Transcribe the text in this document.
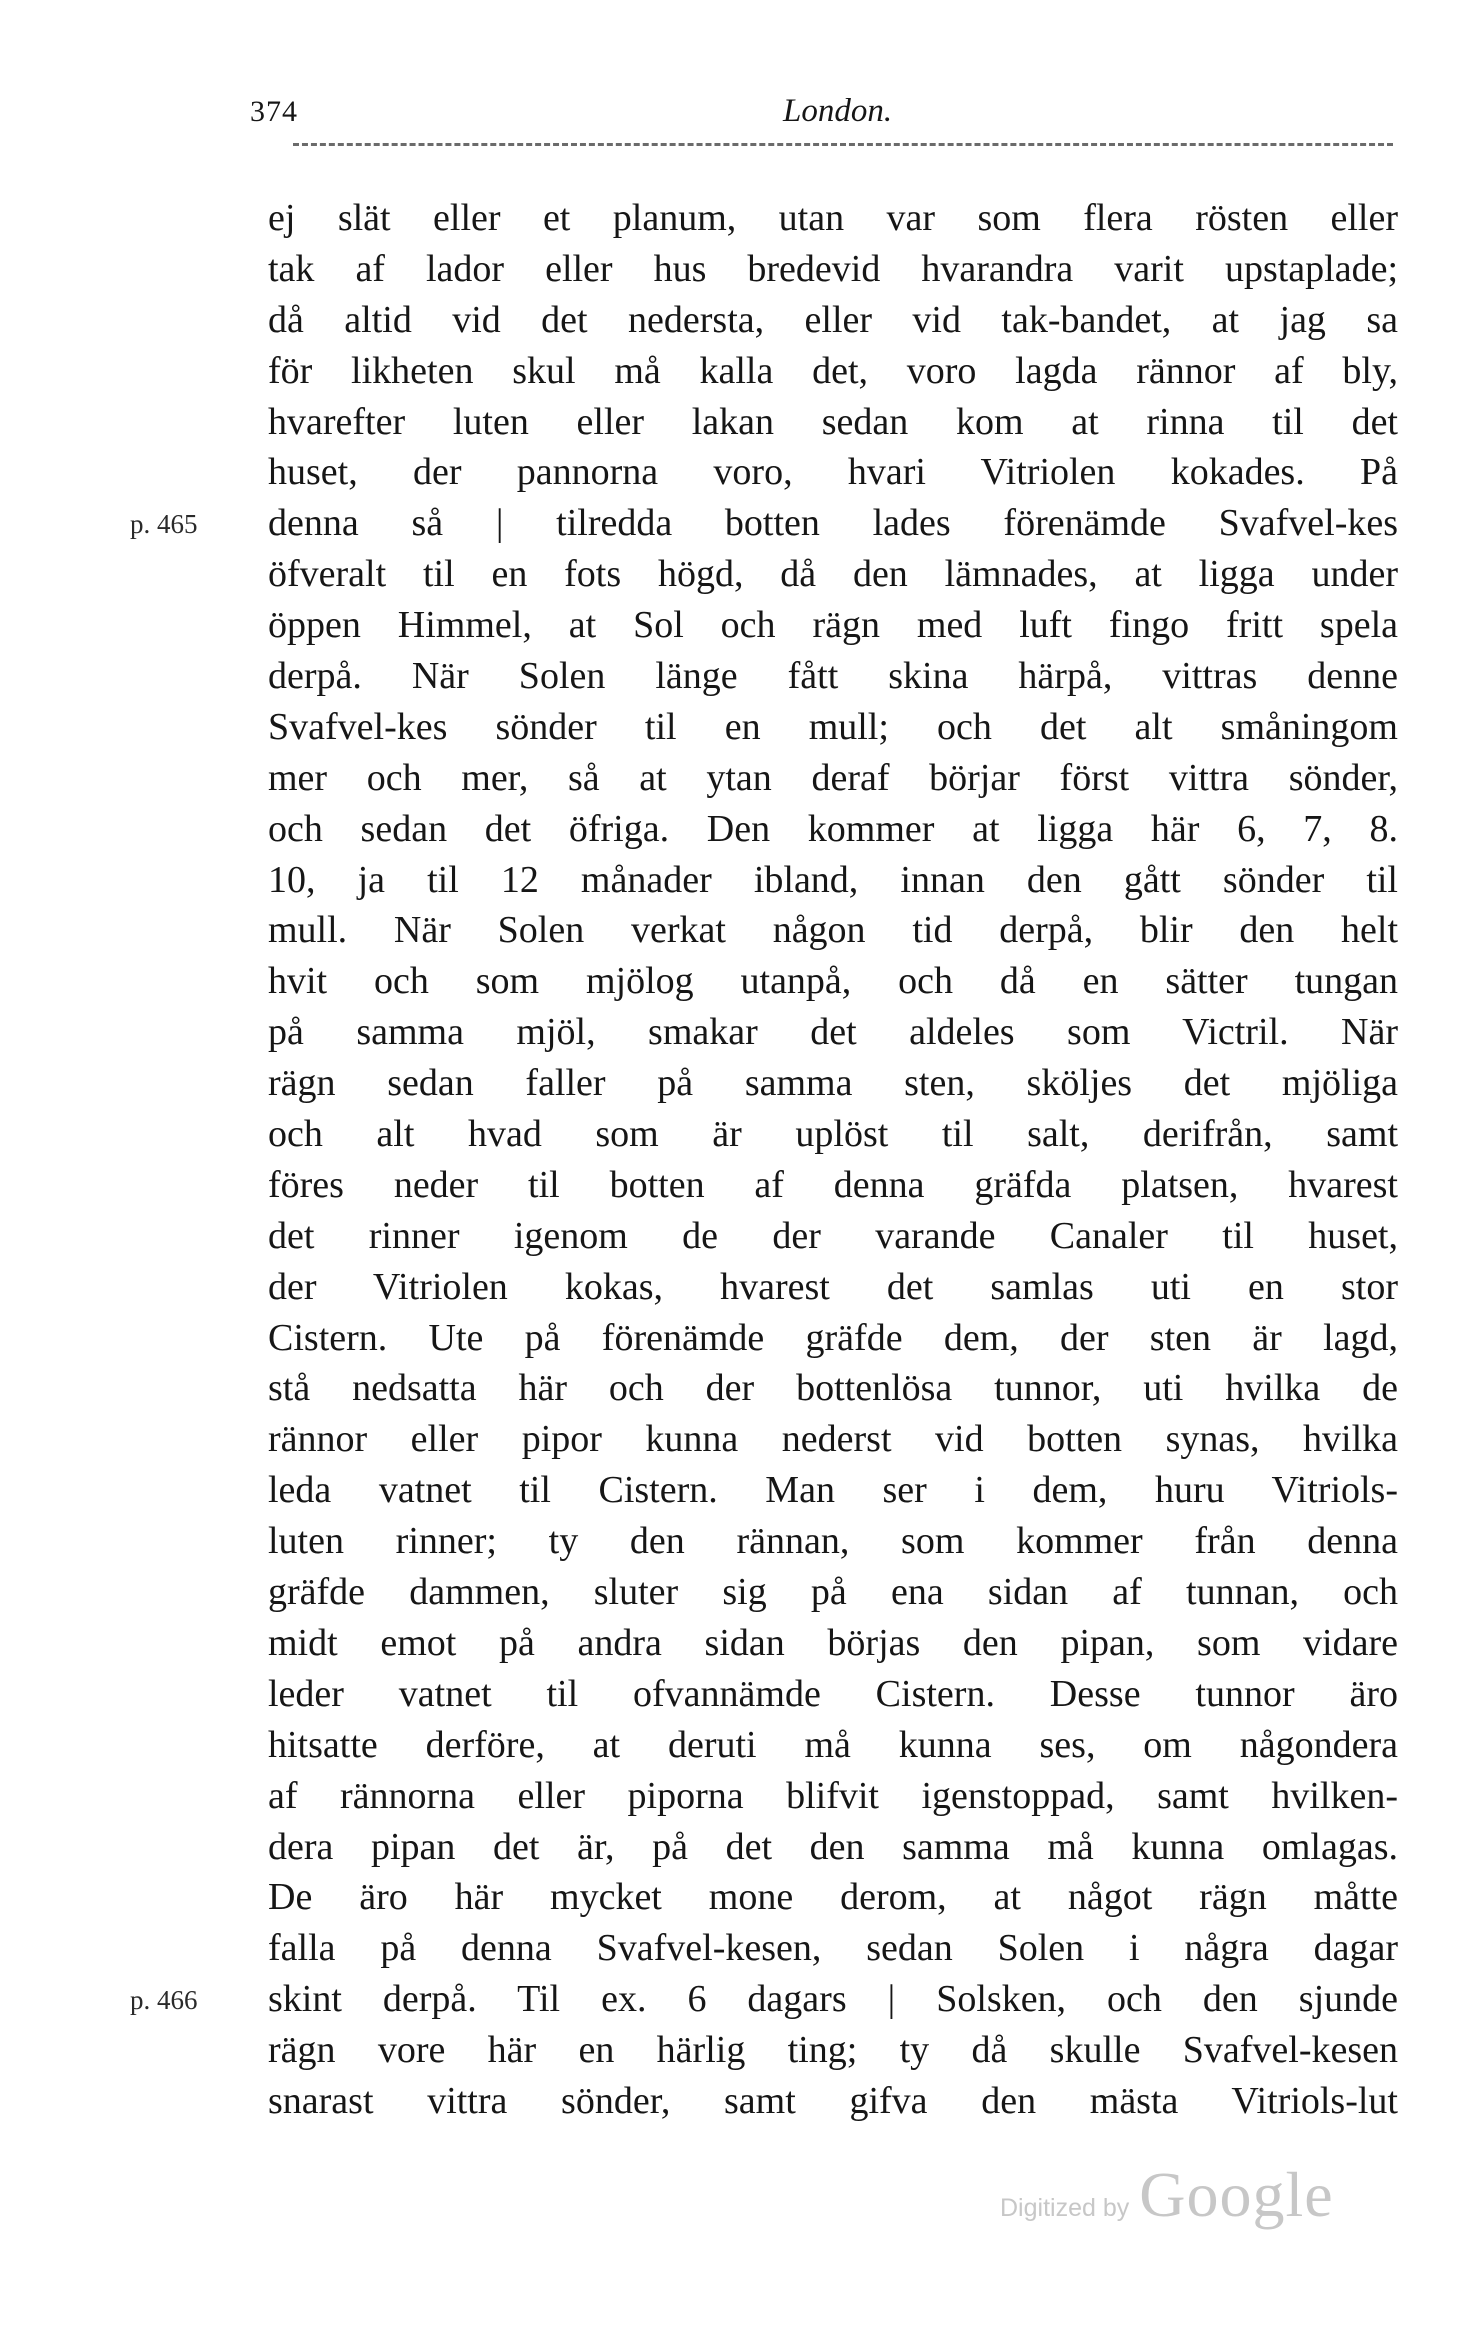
374	London.
p. 465
p. 466
ej slät eller et planum, utan var som flera rösten eller
tak af lador eller hus bredevid hvarandra varit upstaplade;
då altid vid det nedersta, eller vid tak-bandet, at jag sa
för likheten skul må kalla det, voro lagda rännor af bly,
hvarefter luten eller lakan sedan kom at rinna til det
huset, der pannorna voro, hvari Vitriolen kokades. På
denna så | tilredda botten lades förenämde Svafvel-kes
öfveralt til en fots högd, då den lämnades, at ligga under
öppen Himmel, at Sol och rägn med luft fingo fritt spela
derpå. När Solen länge fått skina härpå, vittras denne
Svafvel-kes sönder til en mull; och det alt småningom
mer och mer, så at ytan deraf börjar först vittra sönder,
och sedan det öfriga. Den kommer at ligga här 6, 7, 8.
10, ja til 12 månader ibland, innan den gått sönder til
mull. När Solen verkat någon tid derpå, blir den helt
hvit och som mjölog utanpå, och då en sätter tungan
på samma mjöl, smakar det aldeles som Victril. När
rägn sedan faller på samma sten, sköljes det mjöliga
och alt hvad som är uplöst til salt, derifrån, samt
föres neder til botten af denna gräfda platsen, hvarest
det rinner igenom de der varande Canaler til huset,
der Vitriolen kokas, hvarest det samlas uti en stor
Cistern. Ute på förenämde gräfde dem, der sten är lagd,
stå nedsatta här och der bottenlösa tunnor, uti hvilka de
rännor eller pipor kunna nederst vid botten synas, hvilka
leda vatnet til Cistern. Man ser i dem, huru Vitriols-
luten rinner; ty den rännan, som kommer från denna
gräfde dammen, sluter sig på ena sidan af tunnan, och
midt emot på andra sidan börjas den pipan, som vidare
leder vatnet til ofvannämde Cistern. Desse tunnor äro
hitsatte derföre, at deruti må kunna ses, om någondera
af rännorna eller piporna blifvit igenstoppad, samt hvilken-
dera pipan det är, på det den samma må kunna omlagas.
De äro här mycket mone derom, at något rägn måtte
falla på denna Svafvel-kesen, sedan Solen i några dagar
skint derpå. Til ex. 6 dagars | Solsken, och den sjunde
rägn vore här en härlig ting; ty då skulle Svafvel-kesen
snarast vittra sönder, samt gifva den mästa Vitriols-lut
Digitized by Google
